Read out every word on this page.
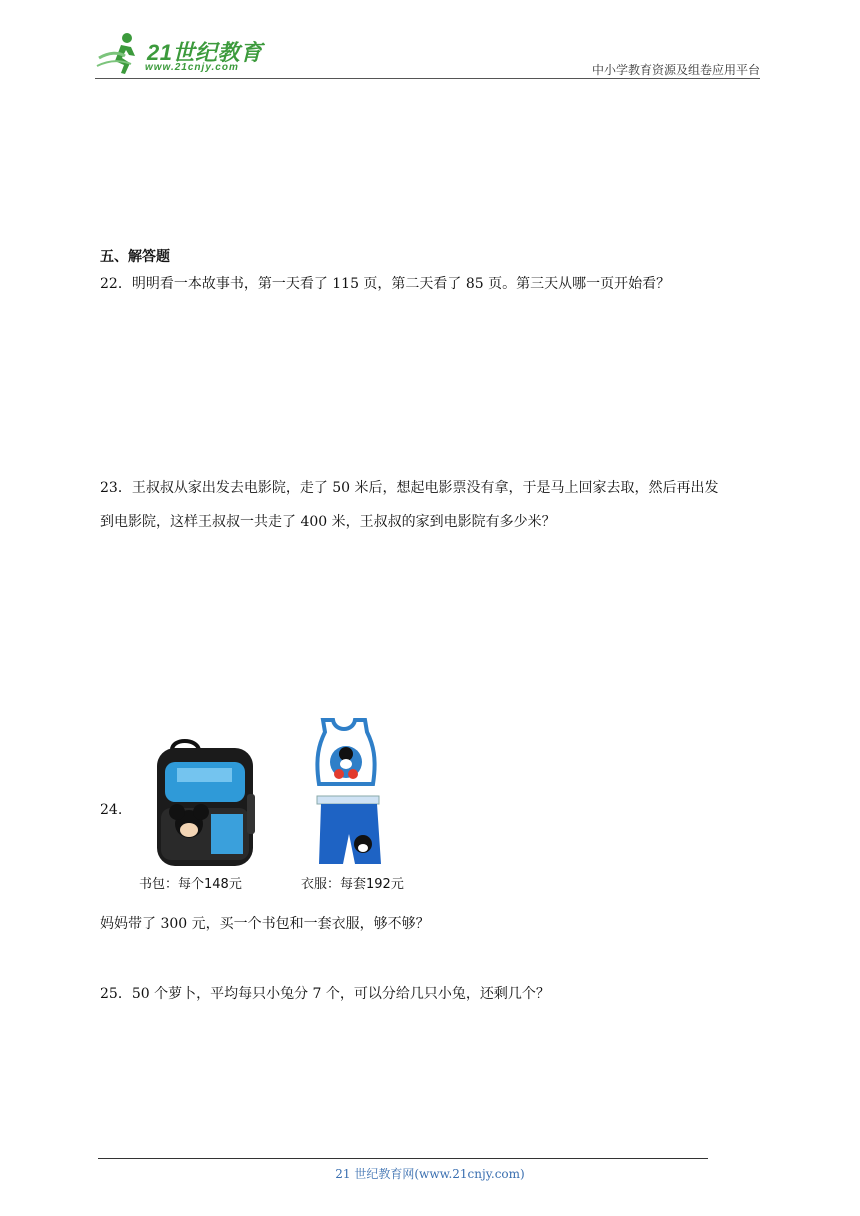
21世纪教育
www.21cnjy.com	中小学教育资源及组卷应用平台
五、解答题
22．明明看一本故事书，第一天看了 115 页，第二天看了 85 页。第三天从哪一页开始看？
23．王叔叔从家出发去电影院，走了 50 米后，想起电影票没有拿，于是马上回家去取，然后再出发
到电影院，这样王叔叔一共走了 400 米，王叔叔的家到电影院有多少米？
24.
书包：每个148元	衣服：每套192元
妈妈带了 300 元，买一个书包和一套衣服，够不够？
25．50 个萝卜，平均每只小兔分 7 个，可以分给几只小兔，还剩几个？
21 世纪教育网(www.21cnjy.com)
